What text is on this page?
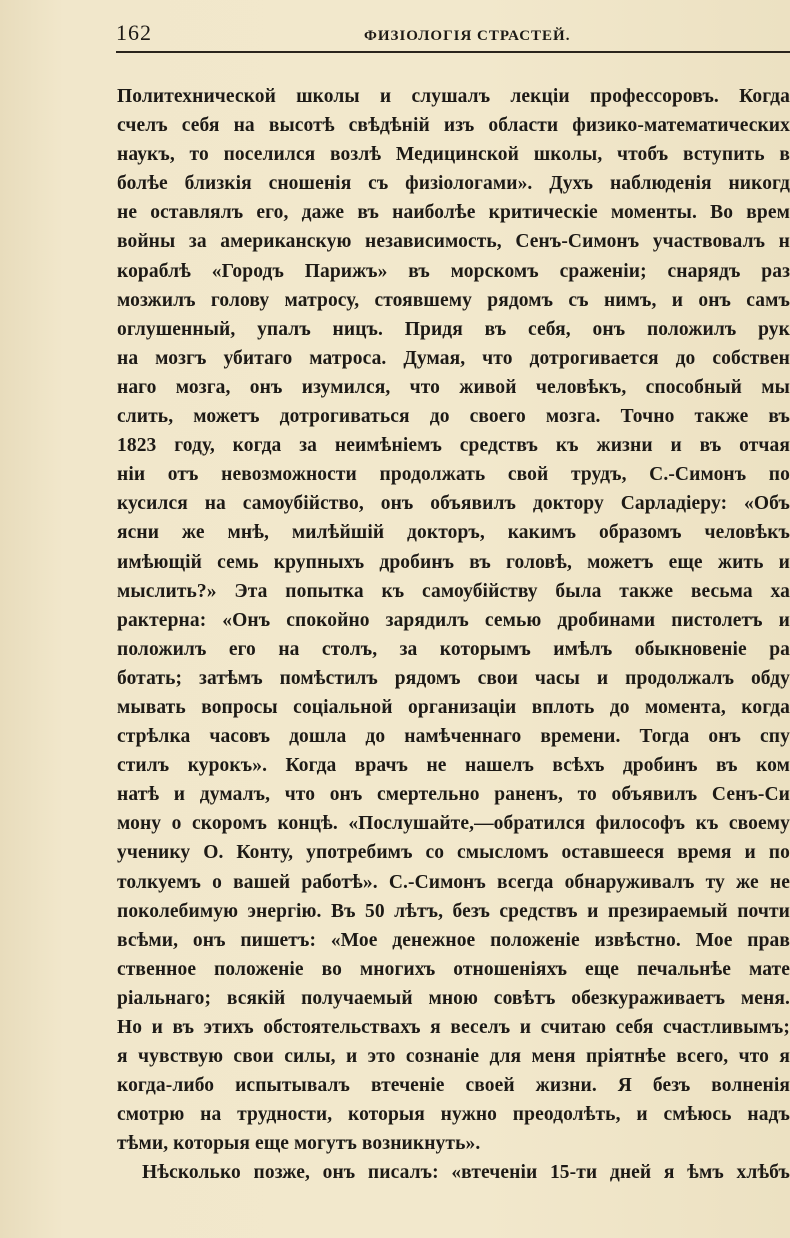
162	ФИЗІОЛОГІЯ СТРАСТЕЙ.
Политехнической школы и слушалъ лекціи профессоровъ. Когда
счелъ себя на высотѣ свѣдѣній изъ области физико-математических
наукъ, то поселился возлѣ Медицинской школы, чтобъ вступить в
болѣе близкія сношенія съ физіологами». Духъ наблюденія никогд
не оставлялъ его, даже въ наиболѣе критическіе моменты. Во врем
войны за американскую независимость, Сенъ-Симонъ участвовалъ н
кораблѣ «Городъ Парижъ» въ морскомъ сраженіи; снарядъ раз
мозжилъ голову матросу, стоявшему рядомъ съ нимъ, и онъ самъ
оглушенный, упалъ ницъ. Придя въ себя, онъ положилъ рук
на мозгъ убитаго матроса. Думая, что дотрогивается до собствен
наго мозга, онъ изумился, что живой человѣкъ, способный мы
слить, можетъ дотрогиваться до своего мозга. Точно также въ
1823 году, когда за неимѣніемъ средствъ къ жизни и въ отчая
ніи отъ невозможности продолжать свой трудъ, С.-Симонъ по
кусился на самоубійство, онъ объявилъ доктору Сарладіеру: «Объ
ясни же мнѣ, милѣйшій докторъ, какимъ образомъ человѣкъ
имѣющій семь крупныхъ дробинъ въ головѣ, можетъ еще жить и
мыслить?» Эта попытка къ самоубійству была также весьма ха
рактерна: «Онъ спокойно зарядилъ семью дробинами пистолетъ и
положилъ его на столъ, за которымъ имѣлъ обыкновеніе ра
ботать; затѣмъ помѣстилъ рядомъ свои часы и продолжалъ обду
мывать вопросы соціальной организаціи вплоть до момента, когда
стрѣлка часовъ дошла до намѣченнаго времени. Тогда онъ спу
стилъ курокъ». Когда врачъ не нашелъ всѣхъ дробинъ въ ком
натѣ и думалъ, что онъ смертельно раненъ, то объявилъ Сенъ-Си
мону о скоромъ концѣ. «Послушайте,—обратился философъ къ своему
ученику О. Конту, употребимъ со смысломъ оставшееся время и по
толкуемъ о вашей работѣ». С.-Симонъ всегда обнаруживалъ ту же не
поколебимую энергію. Въ 50 лѣтъ, безъ средствъ и презираемый почти
всѣми, онъ пишетъ: «Мое денежное положеніе извѣстно. Мое прав
ственное положеніе во многихъ отношеніяхъ еще печальнѣе мате
ріальнаго; всякій получаемый мною совѣтъ обезкураживаетъ меня.
Но и въ этихъ обстоятельствахъ я веселъ и считаю себя счастливымъ;
я чувствую свои силы, и это сознаніе для меня пріятнѣе всего, что я
когда-либо испытывалъ втеченіе своей жизни. Я безъ волненія
смотрю на трудности, которыя нужно преодолѣть, и смѣюсь надъ
тѣми, которыя еще могутъ возникнуть».
Нѣсколько позже, онъ писалъ: «втеченіи 15-ти дней я ѣмъ хлѣбъ
